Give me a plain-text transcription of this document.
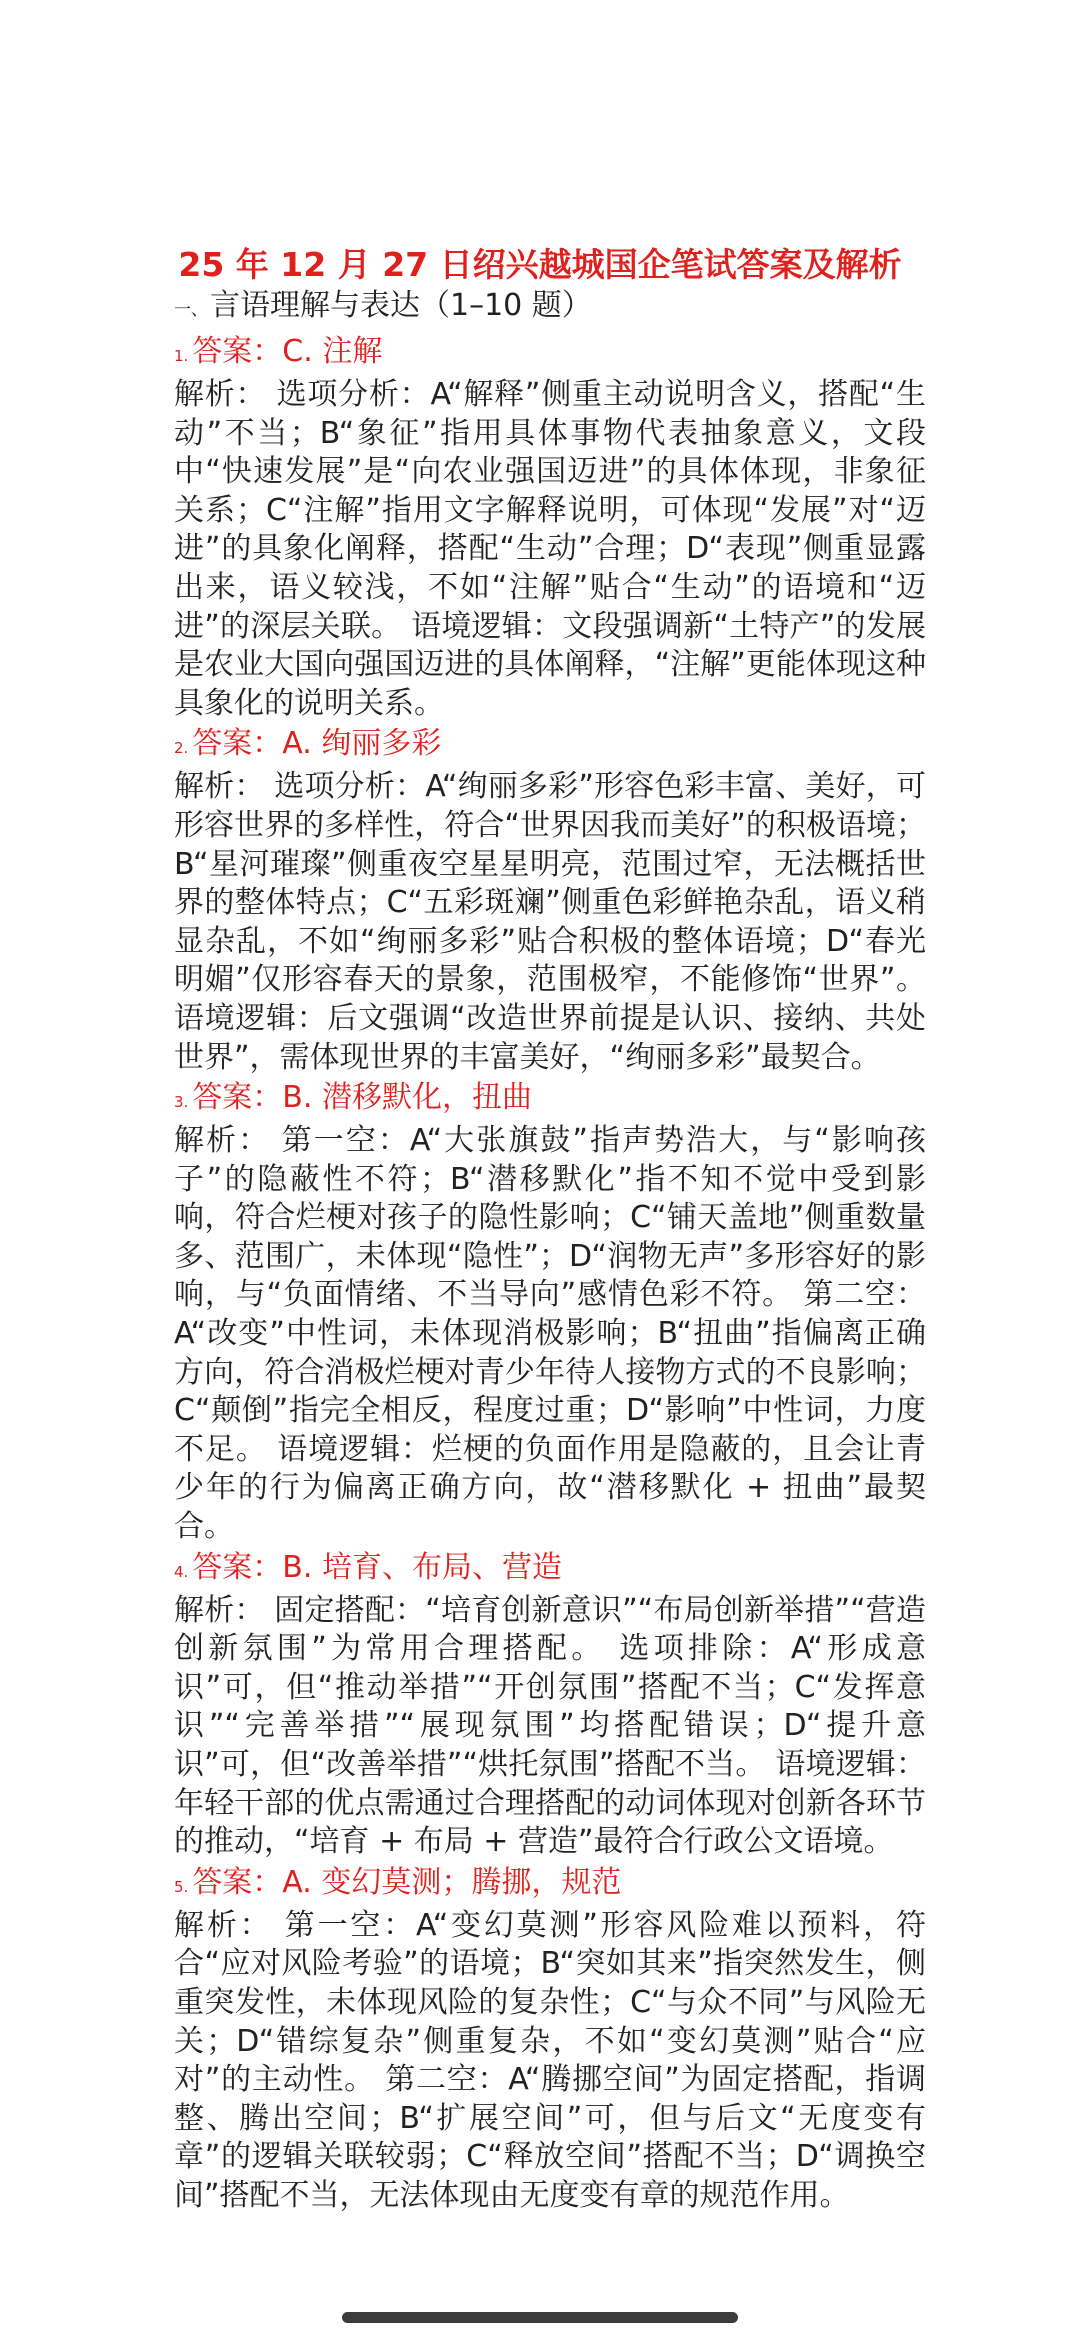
25 年 12 月 27 日绍兴越城国企笔试答案及解析
一、言语理解与表达（1–10 题）
1. 答案：C. 注解

解析： 选项分析：A“解释”侧重主动说明含义，搭配“生动”不当；B“象征”指用具体事物代表抽象意义，文段中“快速发展”是“向农业强国迈进”的具体体现，非象征关系；C“注解”指用文字解释说明，可体现“发展”对“迈进”的具象化阐释，搭配“生动”合理；D“表现”侧重显露出来，语义较浅，不如“注解”贴合“生动”的语境和“迈进”的深层关联。 语境逻辑：文段强调新“土特产”的发展是农业大国向强国迈进的具体阐释，“注解”更能体现这种具象化的说明关系。

2. 答案：A. 绚丽多彩

解析： 选项分析：A“绚丽多彩”形容色彩丰富、美好，可形容世界的多样性，符合“世界因我而美好”的积极语境；B“星河璀璨”侧重夜空星星明亮，范围过窄，无法概括世界的整体特点；C“五彩斑斓”侧重色彩鲜艳杂乱，语义稍显杂乱，不如“绚丽多彩”贴合积极的整体语境；D“春光明媚”仅形容春天的景象，范围极窄，不能修饰“世界”。 语境逻辑：后文强调“改造世界前提是认识、接纳、共处世界”，需体现世界的丰富美好，“绚丽多彩”最契合。

3. 答案：B. 潜移默化，扭曲

解析： 第一空：A“大张旗鼓”指声势浩大，与“影响孩子”的隐蔽性不符；B“潜移默化”指不知不觉中受到影响，符合烂梗对孩子的隐性影响；C“铺天盖地”侧重数量多、范围广，未体现“隐性”；D“润物无声”多形容好的影响，与“负面情绪、不当导向”感情色彩不符。 第二空：A“改变”中性词，未体现消极影响；B“扭曲”指偏离正确方向，符合消极烂梗对青少年待人接物方式的不良影响；C“颠倒”指完全相反，程度过重；D“影响”中性词，力度不足。 语境逻辑：烂梗的负面作用是隐蔽的，且会让青少年的行为偏离正确方向，故“潜移默化 + 扭曲”最契合。

4. 答案：B. 培育、布局、营造

解析： 固定搭配：“培育创新意识”“布局创新举措”“营造创新氛围”为常用合理搭配。 选项排除：A“形成意识”可，但“推动举措”“开创氛围”搭配不当；C“发挥意识”“完善举措”“展现氛围”均搭配错误；D“提升意识”可，但“改善举措”“烘托氛围”搭配不当。 语境逻辑：年轻干部的优点需通过合理搭配的动词体现对创新各环节的推动，“培育 + 布局 + 营造”最符合行政公文语境。

5. 答案：A. 变幻莫测；腾挪，规范

解析： 第一空：A“变幻莫测”形容风险难以预料，符合“应对风险考验”的语境；B“突如其来”指突然发生，侧重突发性，未体现风险的复杂性；C“与众不同”与风险无关；D“错综复杂”侧重复杂，不如“变幻莫测”贴合“应对”的主动性。 第二空：A“腾挪空间”为固定搭配，指调整、腾出空间；B“扩展空间”可，但与后文“无度变有章”的逻辑关联较弱；C“释放空间”搭配不当；D“调换空间”搭配不当，无法体现由无度变有章的规范作用。
